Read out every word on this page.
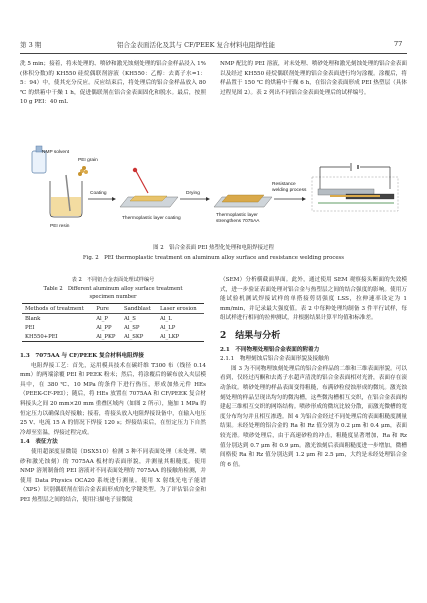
第 3 期	铝合金表面活化及其与 CF/PEEK 复合材料电阻焊性能	77

洗 5 min；接着，将未处理的、喷砂和激光蚀刻处理的铝合金样品浸入 1%(体积分数)的 KH550 硅烷偶联剂溶液（KH550：乙醇：去离子水=1：5：94）中，使其充分反应。反应结束后，将处理后的铝合金样品放入 80 ℃ 的烘箱中干燥 1 h，促进偶联剂在铝合金表面固化和脱水。最后，按照 10 g PEI：40 mL

NMP 配比的 PEI 溶液，对未处理、喷砂处理和激光刻蚀处理的铝合金表面以及经过 KH550 硅烷偶联剂处理的铝合金表面进行均匀涂覆。涂覆后，将样品置于 150 ℃ 的烘箱中干燥 6 h，在铝合金表面形成 PEI 热塑层（具体过程见图 2）。表 2 列出不同铝合金表面处理后的试样编号。

NMP solvent
PEI grain
PEI resin
Coating
Thermoplastic layer coating
Drying
Thermoplastic layer
strengthens 7075AA
Resistance
welding process
图 2　铝合金表面 PEI 热塑化处理和电阻焊接过程
Fig. 2　PEI thermoplastic treatment on aluminum alloy surface and resistance welding process
表 2　不同铝合金表面处理试样编号
Table 2　Different aluminum alloy surface treatment
specimen number
Methods of treatment	Pure	Sandblast	Laser erosion
Blank	Al_P	Al_S	Al_L
PEI	Al_PP	Al_SP	Al_LP
KH550+PEI	Al_PKP	Al_SKP	Al_LKP

1.3　7075AA 与 CF/PEEK 复合材料电阻焊接

电阻焊接工艺：首先，运用模具技术在碳纤维 T300 布（线径 0.14 mm）的两端涂覆 PEI 和 PEEK 粉末；然后，将涂覆后的碳布放入夹层模具中，在 380 ℃、10 MPa 的条件下进行热压，形成加热元件 HEs（PEEK-CF-PEI）；随后，将 HEs 放置在 7075AA 和 CF/PEEK 复合材料接头之间 20 mm×20 mm 重叠区域内（如图 2 所示），施加 1 MPa 的恒定压力以确保良好接触；接着，将接头放入电阻焊接设备中，在输入电压 25 V、电流 15 A 的情况下焊接 120 s；焊接结束后，在恒定压力下自然冷却至室温，焊接过程完成。

1.4　表征方法

使用超深度显微镜（DSX510）检测 3 种不同表面处理（未处理、喷砂和激光蚀刻）的 7075AA 板材的表面形貌，并测量其粗糙度。使用 NMP 溶剂制备的 PEI 溶液对不同表面处理的 7075AA 的接触角检测，并使用 Data Physics OCA20 系统进行测量。使用 X 射线光电子能谱（XPS）识别偶联剂在铝合金表面形成的化学键类型。为了评估铝合金和 PEI 热塑层之间的结合，使用扫描电子显微镜

（SEM）分析横截面界面。此外，通过使用 SEM 观察接头断面的失效模式，进一步验证表面处理对铝合金与热塑层之间的结合强度的影响。使用万能试验机测试焊接试样的单搭接剪切强度 LSS，拉伸速率设定为 1 mm/min，并记录最大强度值。表 2 中每种处理均制备 3 件平行试样，每组试样进行相同的拉伸测试，并根据结果计算平均值和标准差。

2　结果与分析

2.1　不同物理处理铝合金表面的附着力

2.1.1　物理刻蚀后铝合金表面形貌及接触角

图 3 为不同物理蚀刻处理后的铝合金样品的二维和三维表面形貌。可以看到，仅经过丙酮和去离子水超声清洗的铝合金表面相对光滑，表面存在滚动条纹。喷砂处理的样品表面变得粗糙，布满砂粒侵蚀形成的微坑。激光蚀刻处理的样品呈现出均匀的微沟槽，这些微沟槽相互交织，在铝合金表面构建起三维相互交织的网络结构。喷砂形成的微坑比较分散，而激光微槽的宽度分布均匀并且相互渗透。图 4 为铝合金经过不同处理后的表面粗糙度测量结果。未经处理的铝合金的 Ra 和 Rz 值分别为 0.2 μm 和 0.4 μm，表面较光滑。喷砂处理后，由于高速砂粒的冲击，粗糙度显著增加，Ra 和 Rz 值分别达到 0.7 μm 和 0.9 μm。激光蚀刻后表面粗糙度进一步增加，微槽间格使 Ra 和 Rz 值分别达到 1.2 μm 和 2.5 μm，大约是未经处理铝合金的 6 倍。
